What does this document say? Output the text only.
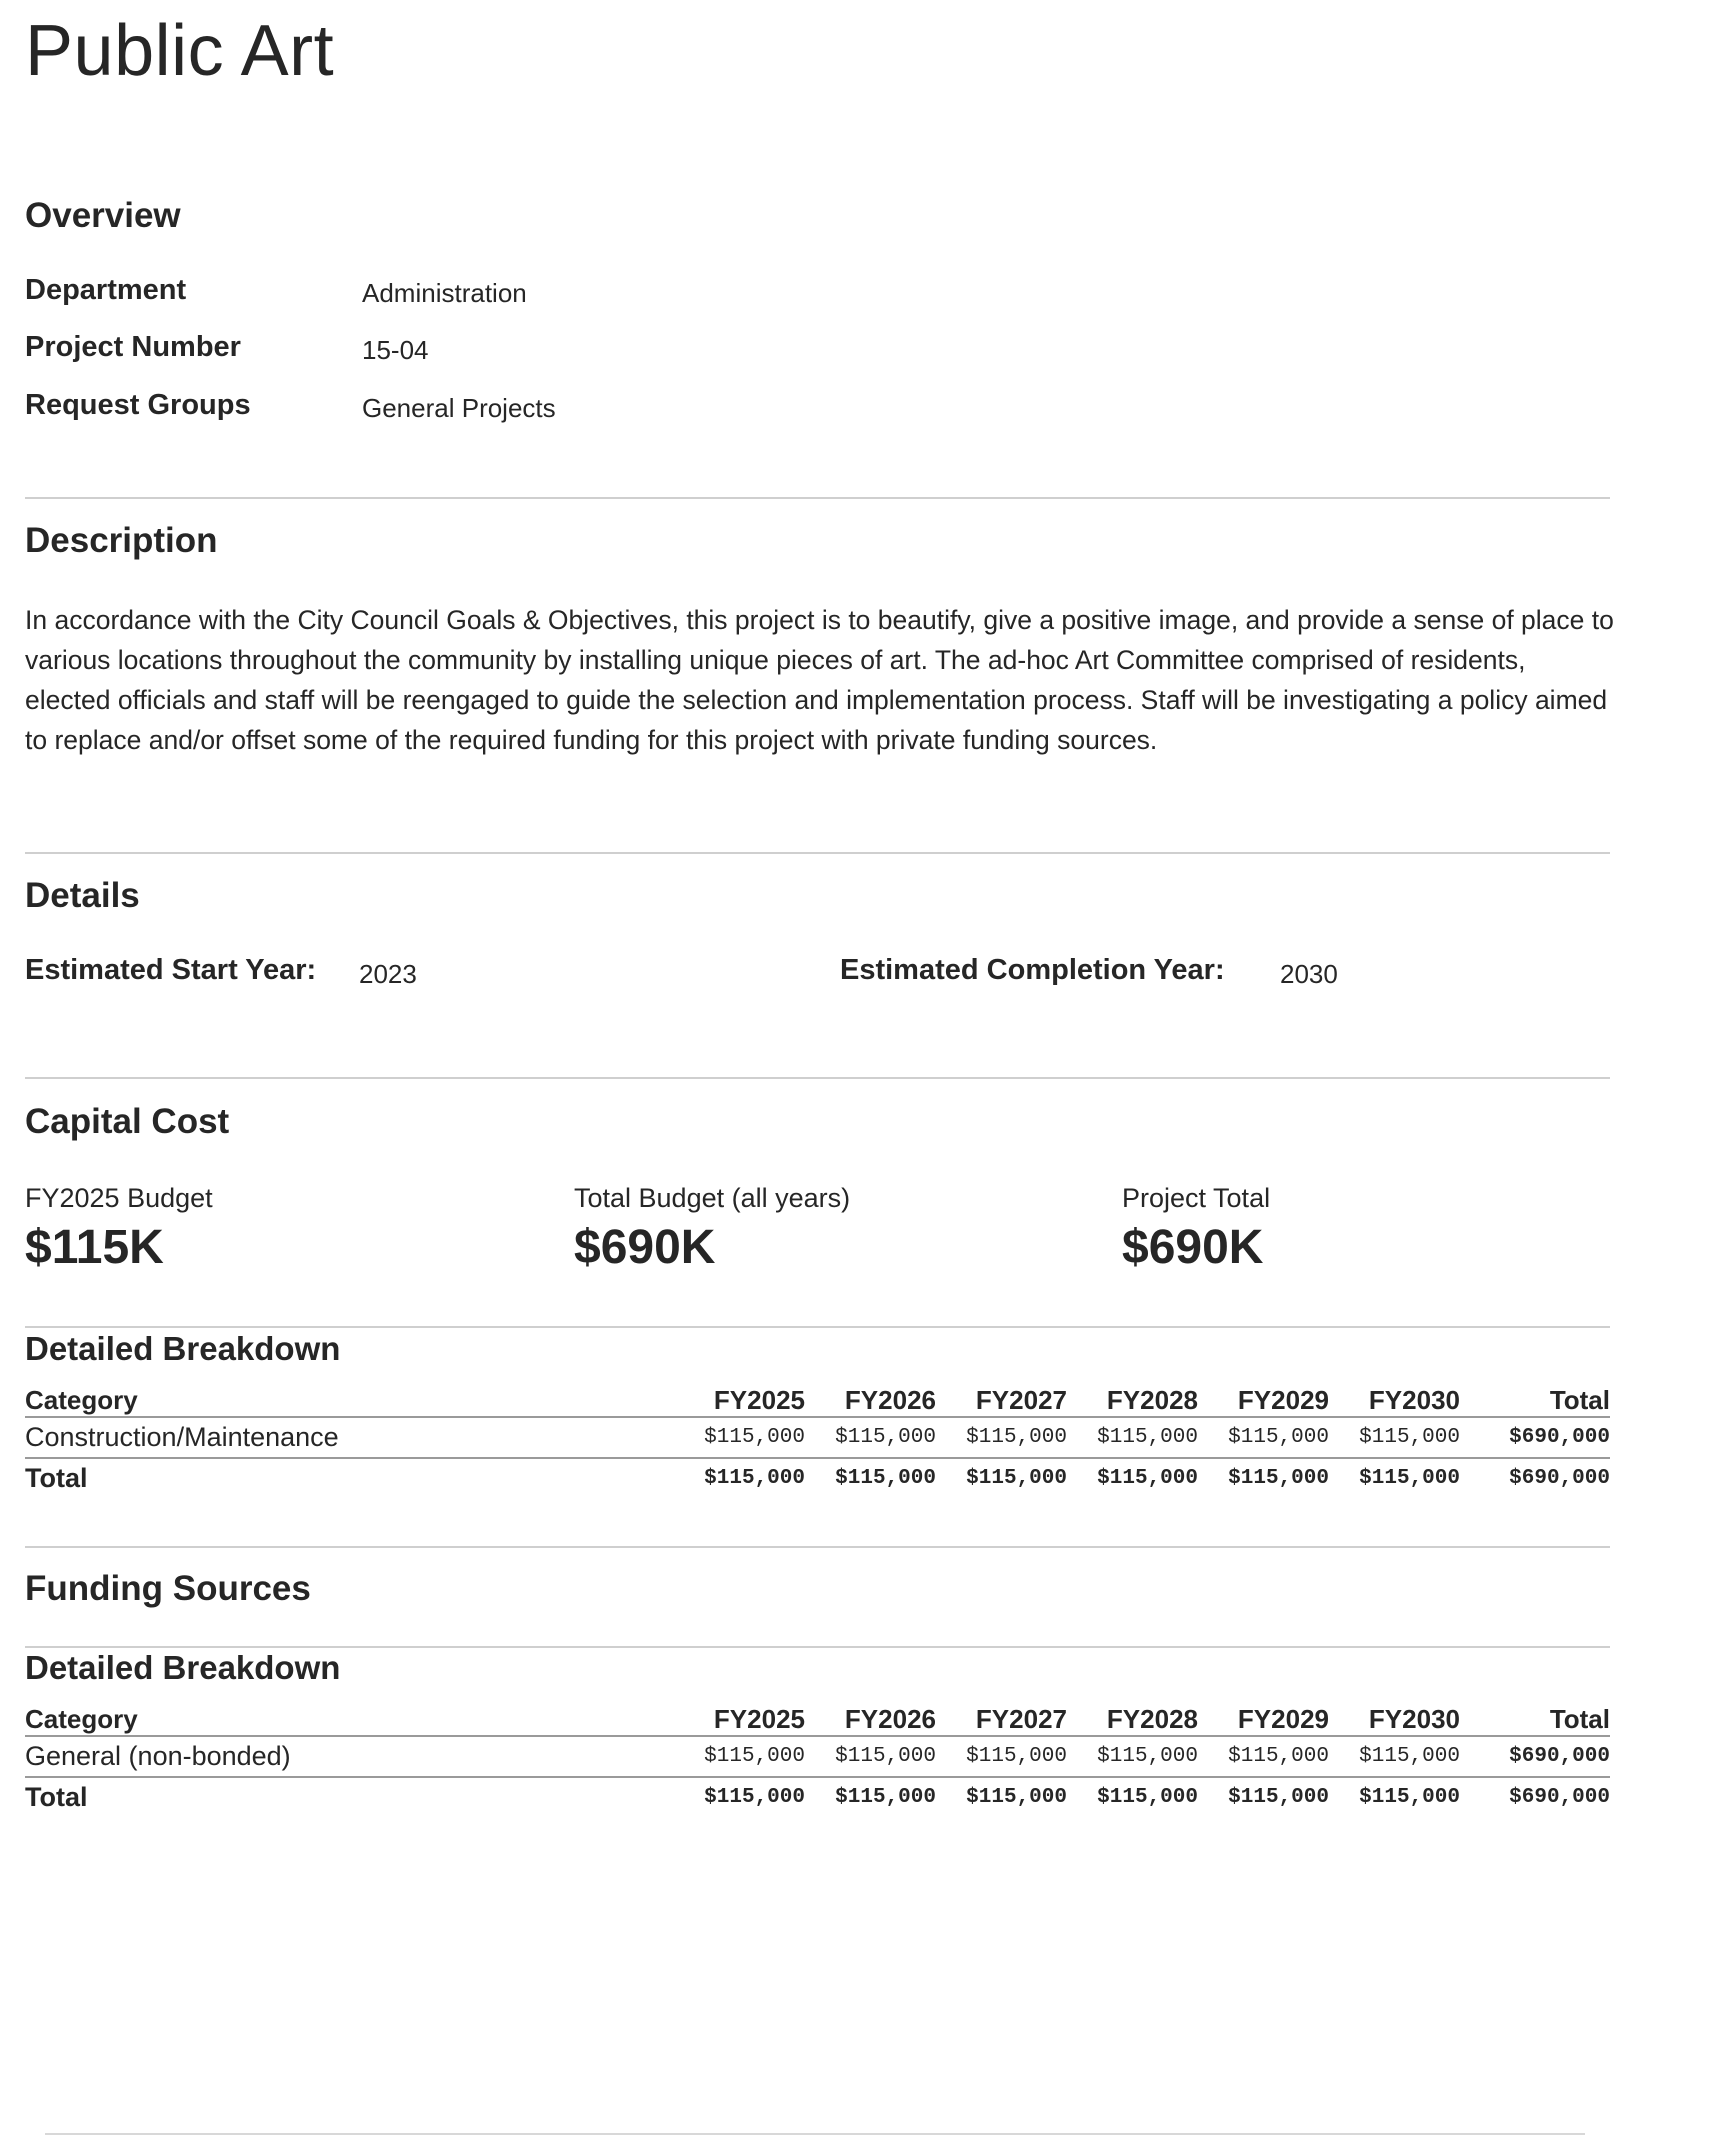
Public Art
Overview
Department	Administration
Project Number	15-04
Request Groups	General Projects
Description
In accordance with the City Council Goals & Objectives, this project is to beautify, give a positive image, and provide a sense of place to various locations throughout the community by installing unique pieces of art. The ad-hoc Art Committee comprised of residents, elected officials and staff will be reengaged to guide the selection and implementation process. Staff will be investigating a policy aimed to replace and/or offset some of the required funding for this project with private funding sources.
Details
Estimated Start Year: 2023	Estimated Completion Year: 2030
Capital Cost
FY2025 Budget
$115K
Total Budget (all years)
$690K
Project Total
$690K
Detailed Breakdown
Category	FY2025	FY2026	FY2027	FY2028	FY2029	FY2030	Total
Construction/Maintenance	$115,000	$115,000	$115,000	$115,000	$115,000	$115,000	$690,000
Total	$115,000	$115,000	$115,000	$115,000	$115,000	$115,000	$690,000
Funding Sources
Detailed Breakdown
Category	FY2025	FY2026	FY2027	FY2028	FY2029	FY2030	Total
General (non-bonded)	$115,000	$115,000	$115,000	$115,000	$115,000	$115,000	$690,000
Total	$115,000	$115,000	$115,000	$115,000	$115,000	$115,000	$690,000
